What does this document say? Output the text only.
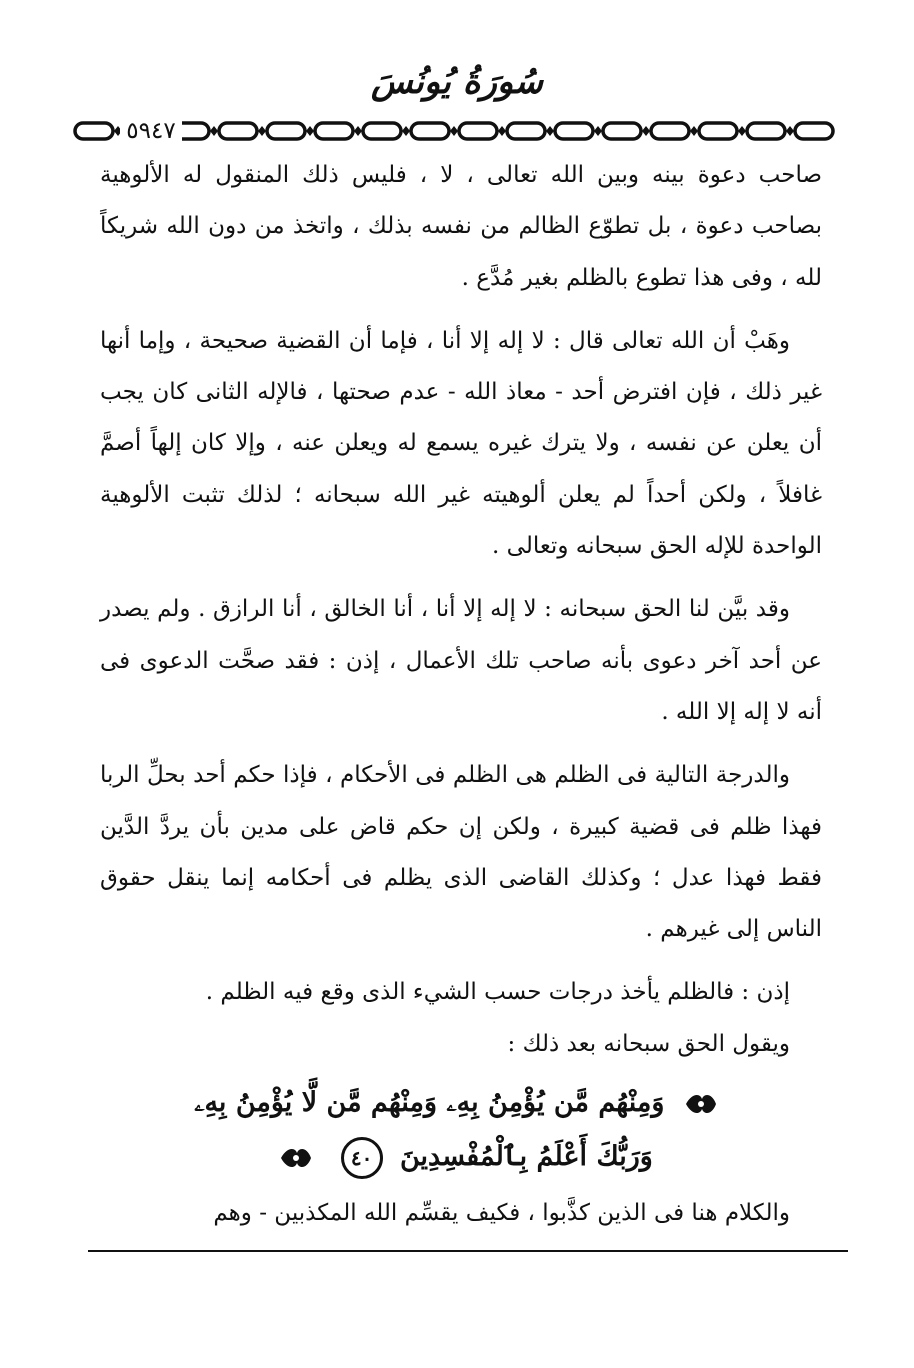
سُورَةُ يُونُسَ
٥٩٤٧

صاحب دعوة بينه وبين الله تعالى ، لا ، فليس ذلك المنقول له الألوهية بصاحب دعوة ، بل تطوّع الظالم من نفسه بذلك ، واتخذ من دون الله شريكاً لله ، وفى هذا تطوع بالظلم بغير مُدَّع .

وهَبْ أن الله تعالى قال : لا إله إلا أنا ، فإما أن القضية صحيحة ، وإما أنها غير ذلك ، فإن افترض أحد - معاذ الله - عدم صحتها ، فالإله الثانى كان يجب أن يعلن عن نفسه ، ولا يترك غيره يسمع له ويعلن عنه ، وإلا كان إلهاً أصمَّ غافلاً ، ولكن أحداً لم يعلن ألوهيته غير الله سبحانه ؛ لذلك تثبت الألوهية الواحدة للإله الحق سبحانه وتعالى .

وقد بيَّن لنا الحق سبحانه : لا إله إلا أنا ، أنا الخالق ، أنا الرازق . ولم يصدر عن أحد آخر دعوى بأنه صاحب تلك الأعمال ، إذن : فقد صحَّت الدعوى فى أنه لا إله إلا الله .

والدرجة التالية فى الظلم هى الظلم فى الأحكام ، فإذا حكم أحد بحلِّ الربا فهذا ظلم فى قضية كبيرة ، ولكن إن حكم قاض على مدين بأن يردَّ الدَّين فقط فهذا عدل ؛ وكذلك القاضى الذى يظلم فى أحكامه إنما ينقل حقوق الناس إلى غيرهم .

إذن : فالظلم يأخذ درجات حسب الشيء الذى وقع فيه الظلم .

ويقول الحق سبحانه بعد ذلك :

وَمِنْهُم مَّن يُؤْمِنُ بِهِۦ وَمِنْهُم مَّن لَّا يُؤْمِنُ بِهِۦ
وَرَبُّكَ أَعْلَمُ بِٱلْمُفْسِدِينَ ٤٠

والكلام هنا فى الذين كذَّبوا ، فكيف يقسِّم الله المكذبين - وهم
